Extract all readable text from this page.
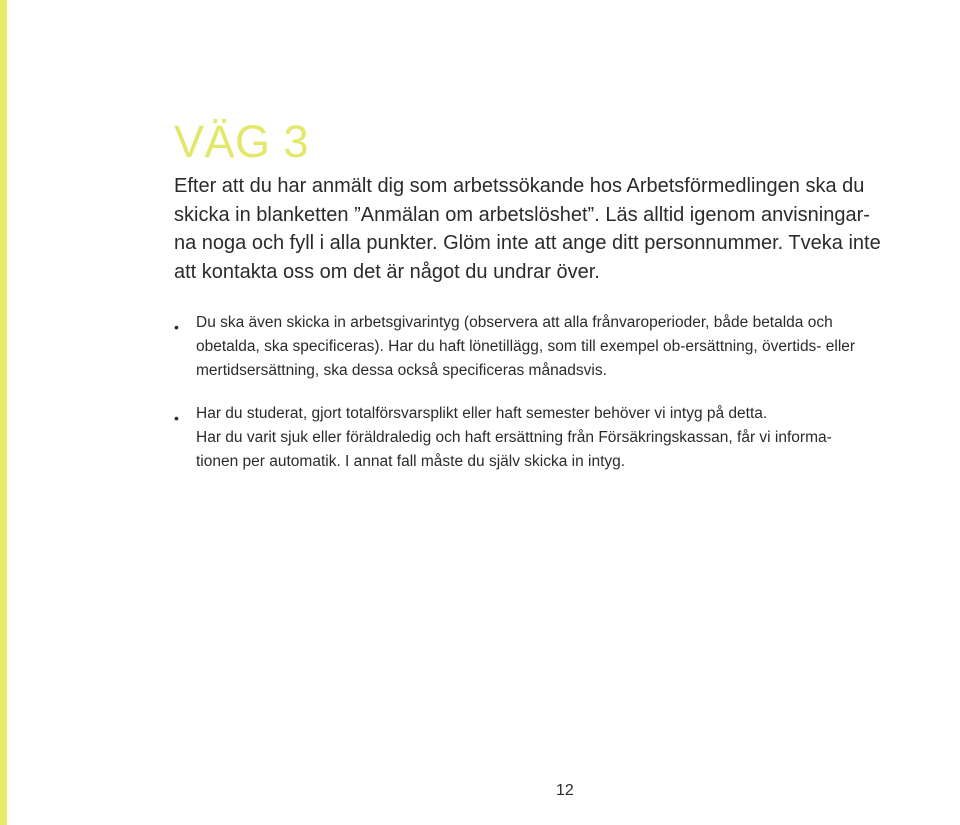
VÄG 3

Efter att du har anmält dig som arbetssökande hos Arbetsförmedlingen ska du
skicka in blanketten ”Anmälan om arbetslöshet”. Läs alltid igenom anvisningar-
na noga och fyll i alla punkter. Glöm inte att ange ditt personnummer. Tveka inte
att kontakta oss om det är något du undrar över.

• Du ska även skicka in arbetsgivarintyg (observera att alla frånvaroperioder, både betalda och
obetalda, ska specificeras). Har du haft lönetillägg, som till exempel ob-ersättning, övertids- eller
mertidsersättning, ska dessa också specificeras månadsvis.
• Har du studerat, gjort totalförsvarsplikt eller haft semester behöver vi intyg på detta.
Har du varit sjuk eller föräldraledig och haft ersättning från Försäkringskassan, får vi informa-
tionen per automatik. I annat fall måste du själv skicka in intyg.
12
